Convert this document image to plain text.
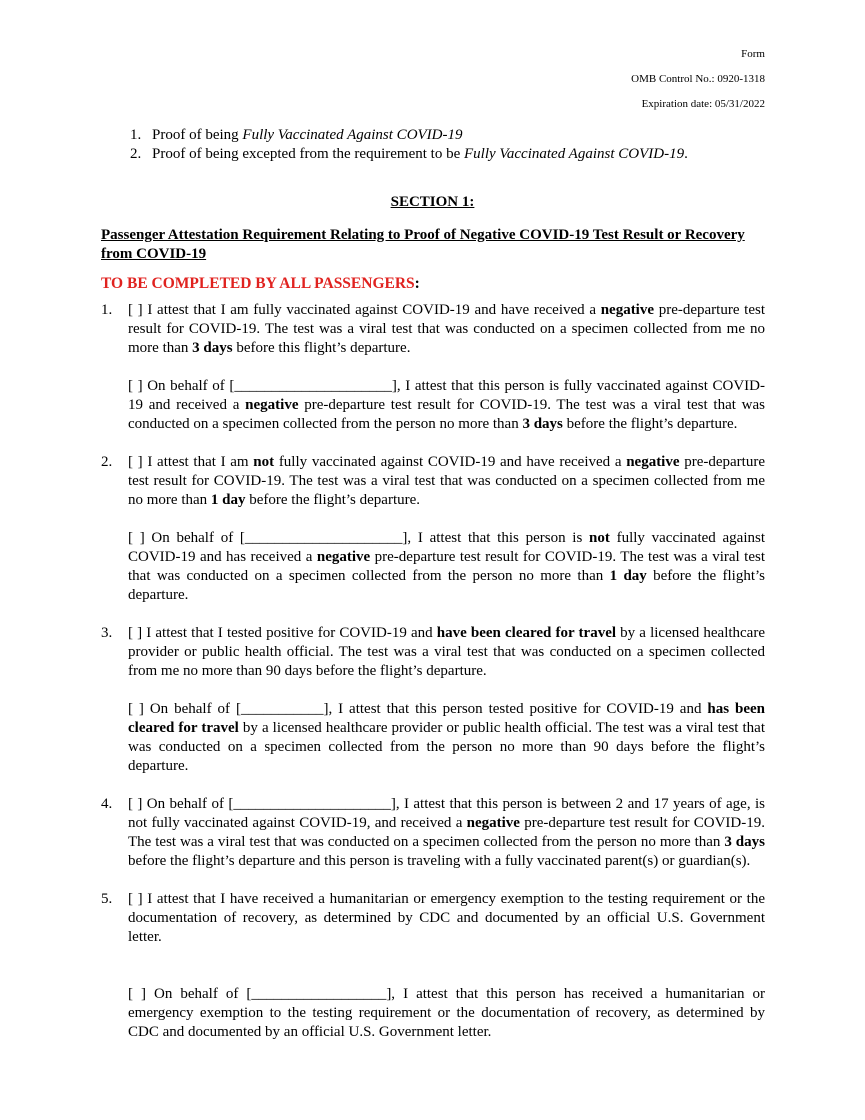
Form
OMB Control No.: 0920-1318
Expiration date: 05/31/2022
1. Proof of being Fully Vaccinated Against COVID-19
2. Proof of being excepted from the requirement to be Fully Vaccinated Against COVID-19.
SECTION 1:
Passenger Attestation Requirement Relating to Proof of Negative COVID-19 Test Result or Recovery from COVID-19
TO BE COMPLETED BY ALL PASSENGERS:
1. [ ] I attest that I am fully vaccinated against COVID-19 and have received a negative pre-departure test result for COVID-19. The test was a viral test that was conducted on a specimen collected from me no more than 3 days before this flight’s departure.

[ ] On behalf of [_____________________], I attest that this person is fully vaccinated against COVID-19 and received a negative pre-departure test result for COVID-19. The test was a viral test that was conducted on a specimen collected from the person no more than 3 days before the flight’s departure.

2. [ ] I attest that I am not fully vaccinated against COVID-19 and have received a negative pre-departure test result for COVID-19. The test was a viral test that was conducted on a specimen collected from me no more than 1 day before the flight’s departure.

[ ] On behalf of [_____________________], I attest that this person is not fully vaccinated against COVID-19 and has received a negative pre-departure test result for COVID-19. The test was a viral test that was conducted on a specimen collected from the person no more than 1 day before the flight’s departure.

3. [ ] I attest that I tested positive for COVID-19 and have been cleared for travel by a licensed healthcare provider or public health official. The test was a viral test that was conducted on a specimen collected from me no more than 90 days before the flight’s departure.

[ ] On behalf of [___________], I attest that this person tested positive for COVID-19 and has been cleared for travel by a licensed healthcare provider or public health official. The test was a viral test that was conducted on a specimen collected from the person no more than 90 days before the flight’s departure.

4. [ ] On behalf of [_____________________], I attest that this person is between 2 and 17 years of age, is not fully vaccinated against COVID-19, and received a negative pre-departure test result for COVID-19. The test was a viral test that was conducted on a specimen collected from the person no more than 3 days before the flight’s departure and this person is traveling with a fully vaccinated parent(s) or guardian(s).

5. [ ] I attest that I have received a humanitarian or emergency exemption to the testing requirement or the documentation of recovery, as determined by CDC and documented by an official U.S. Government letter.

[ ] On behalf of [__________________], I attest that this person has received a humanitarian or emergency exemption to the testing requirement or the documentation of recovery, as determined by CDC and documented by an official U.S. Government letter.
